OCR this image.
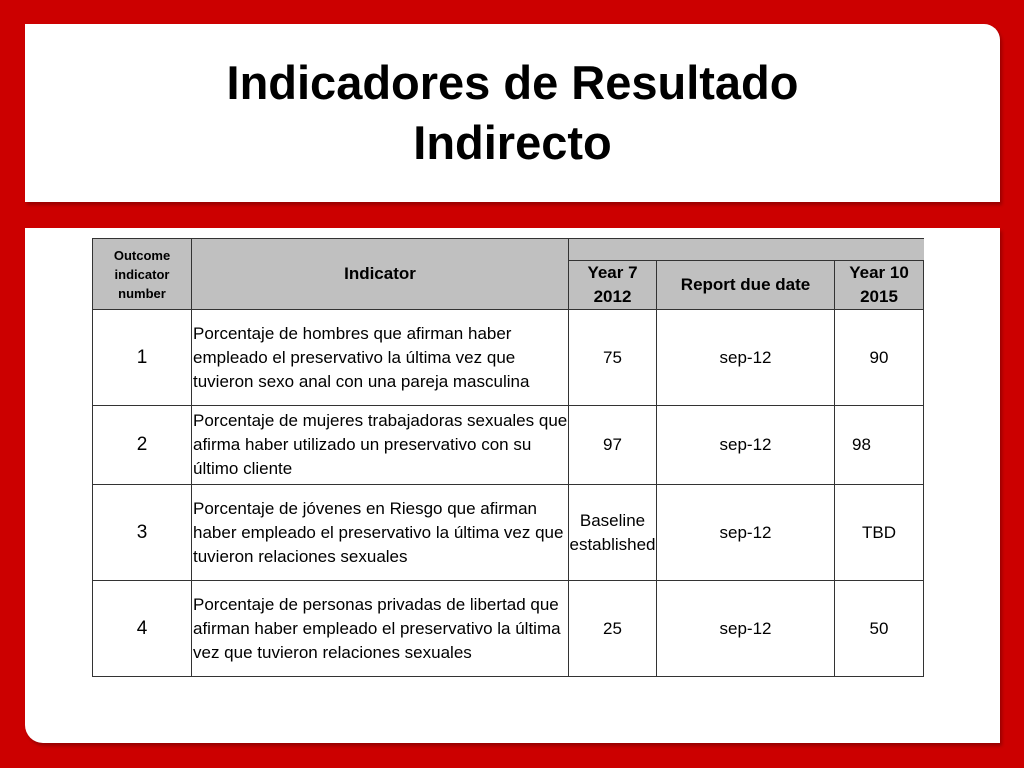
Indicadores de Resultado Indirecto
Outcome indicator number	Indicator			
		Year 7 2012	Report due date	Year 10 2015
1	Porcentaje de hombres que afirman haber empleado el preservativo la última vez que tuvieron sexo anal con una pareja masculina	75	sep-12	90
2	Porcentaje de mujeres trabajadoras sexuales que afirma haber utilizado un preservativo con su último cliente	97	sep-12	98
3	Porcentaje de jóvenes en Riesgo que afirman haber empleado el preservativo la última vez que tuvieron relaciones sexuales	Baseline established	sep-12	TBD
4	Porcentaje de personas privadas de libertad que afirman haber empleado el preservativo la última vez que tuvieron relaciones sexuales	25	sep-12	50
